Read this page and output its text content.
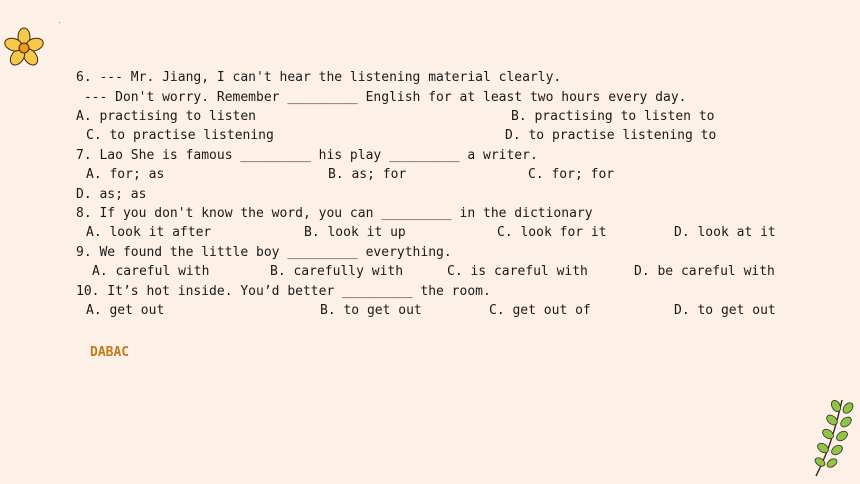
·
6. --- Mr. Jiang, I can't hear the listening material clearly.
--- Don't worry. Remember _________ English for at least two hours every day.
A. practising to listen	B. practising to listen to
C. to practise listening	D. to practise listening to
7. Lao She is famous _________ his play _________ a writer.
A. for; as	B. as; for	C. for; for
D. as; as
8. If you don't know the word, you can _________ in the dictionary
A. look it after	B. look it up	C. look for it	D. look at it
9. We found the little boy _________ everything.
A. careful with	B. carefully with	C. is careful with	D. be careful with
10. It’s hot inside. You’d better _________ the room.
A. get out	B. to get out	C. get out of	D. to get out
DABAC
